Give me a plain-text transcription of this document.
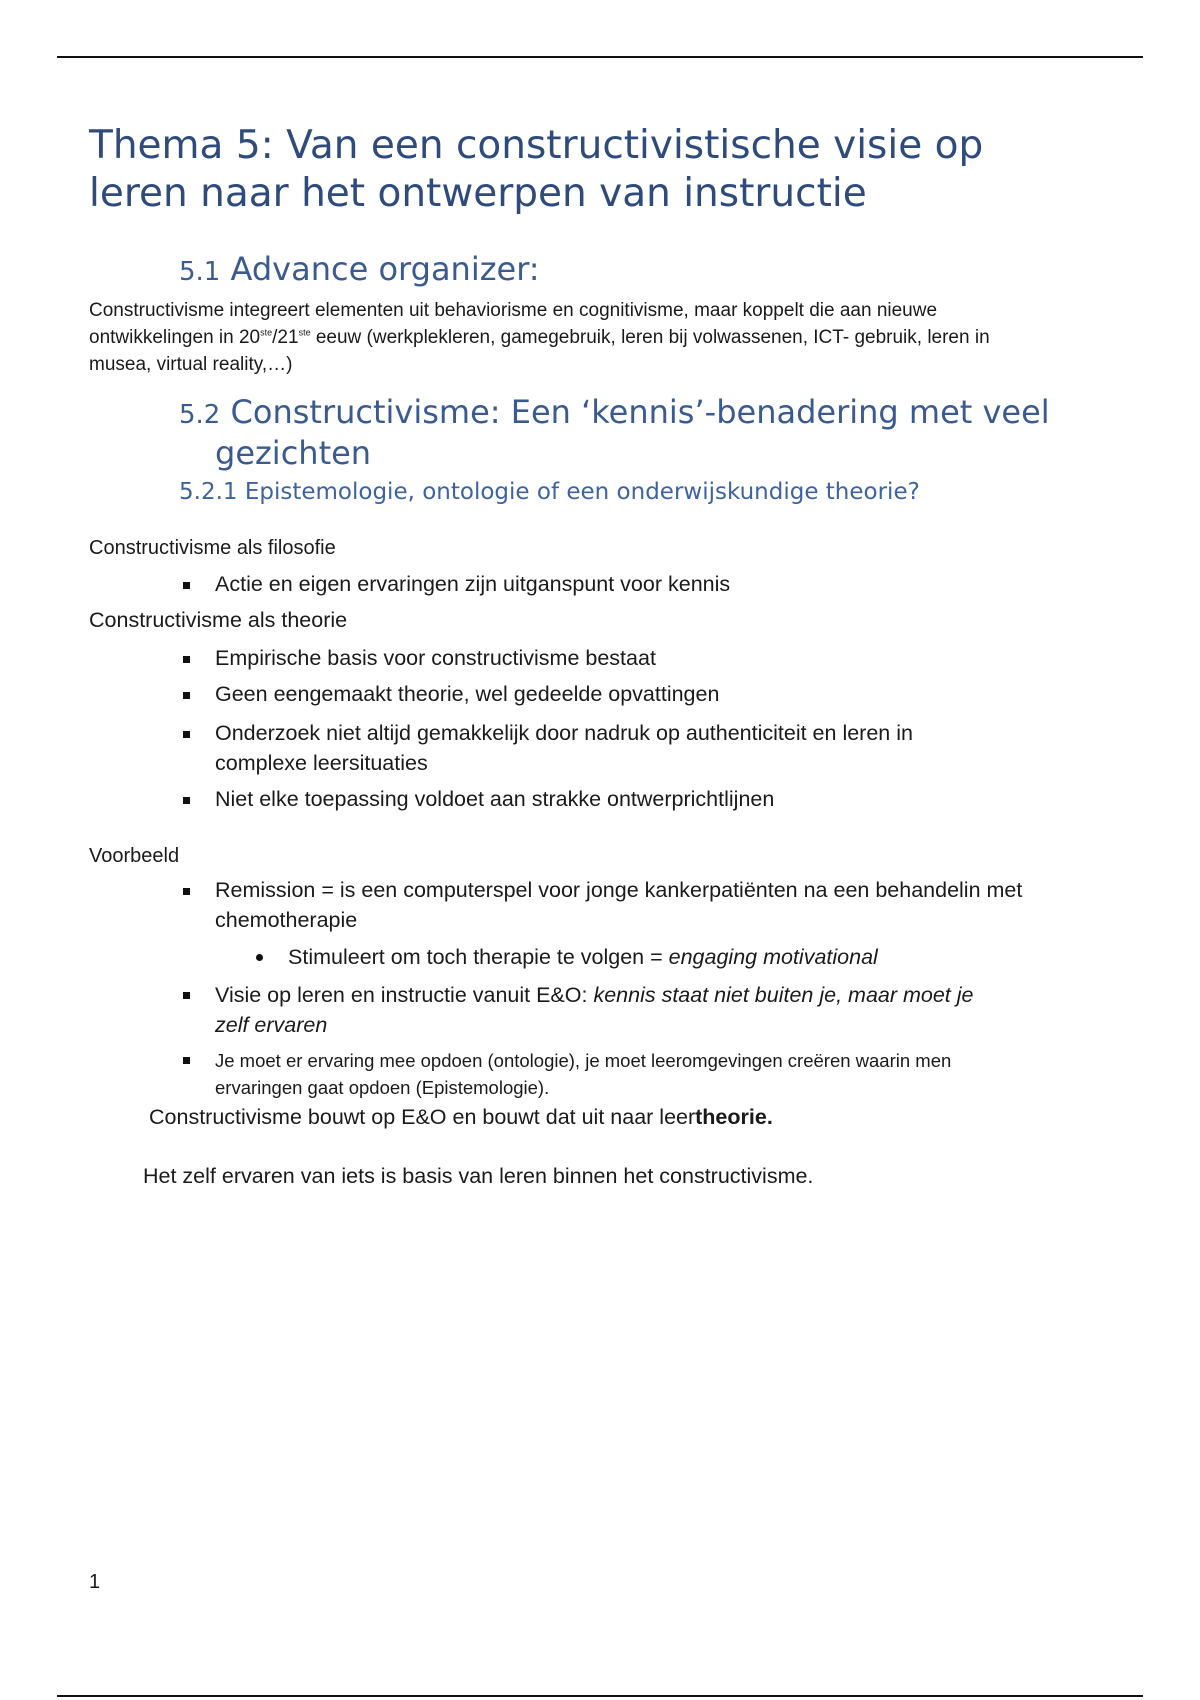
Thema 5: Van een constructivistische visie op leren naar het ontwerpen van instructie
5.1 Advance organizer:

Constructivisme integreert elementen uit behaviorisme en cognitivisme, maar koppelt die aan nieuwe ontwikkelingen in 20ste/21ste eeuw (werkplekleren, gamegebruik, leren bij volwassenen, ICT- gebruik, leren in musea, virtual reality,…)

5.2 Constructivisme: Een ‘kennis’-benadering met veel gezichten
5.2.1 Epistemologie, ontologie of een onderwijskundige theorie?

Constructivisme als filosofie

Actie en eigen ervaringen zijn uitganspunt voor kennis

Constructivisme als theorie

Empirische basis voor constructivisme bestaat

Geen eengemaakt theorie, wel gedeelde opvattingen

Onderzoek niet altijd gemakkelijk door nadruk op authenticiteit en leren in complexe leersituaties

Niet elke toepassing voldoet aan strakke ontwerprichtlijnen

Voorbeeld

Remission = is een computerspel voor jonge kankerpatiënten na een behandelin met chemotherapie

Stimuleert om toch therapie te volgen = engaging motivational

Visie op leren en instructie vanuit E&O: kennis staat niet buiten je, maar moet je zelf ervaren

Je moet er ervaring mee opdoen (ontologie), je moet leeromgevingen creëren waarin men ervaringen gaat opdoen (Epistemologie).

Constructivisme bouwt op E&O en bouwt dat uit naar leertheorie.

Het zelf ervaren van iets is basis van leren binnen het constructivisme.

1
